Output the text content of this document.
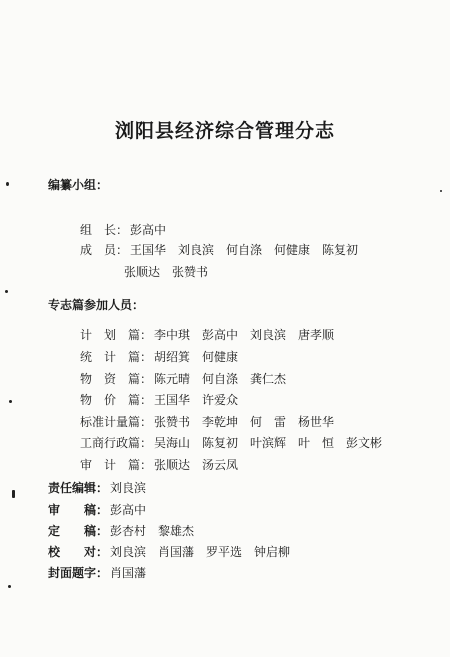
浏阳县经济综合管理分志
编纂小组：
组　长： 彭高中
成　员： 王国华　刘良滨　何自涤　何健康　陈复初
张顺达　张赞书
专志篇参加人员：
计　划　篇： 李中琪　彭高中　刘良滨　唐孝顺
统　计　篇： 胡绍箕　何健康
物　资　篇： 陈元晴　何自涤　龚仁杰
物　价　篇： 王国华　许爱众
标准计量篇： 张赞书　李乾坤　何　雷　杨世华
工商行政篇： 吴海山　陈复初　叶滨辉　叶　恒　彭文彬
审　计　篇： 张顺达　汤云凤
责任编辑： 刘良滨
审　　稿： 彭高中
定　　稿： 彭杏村　黎雄杰
校　　对： 刘良滨　肖国藩　罗平选　钟启柳
封面题字： 肖国藩
